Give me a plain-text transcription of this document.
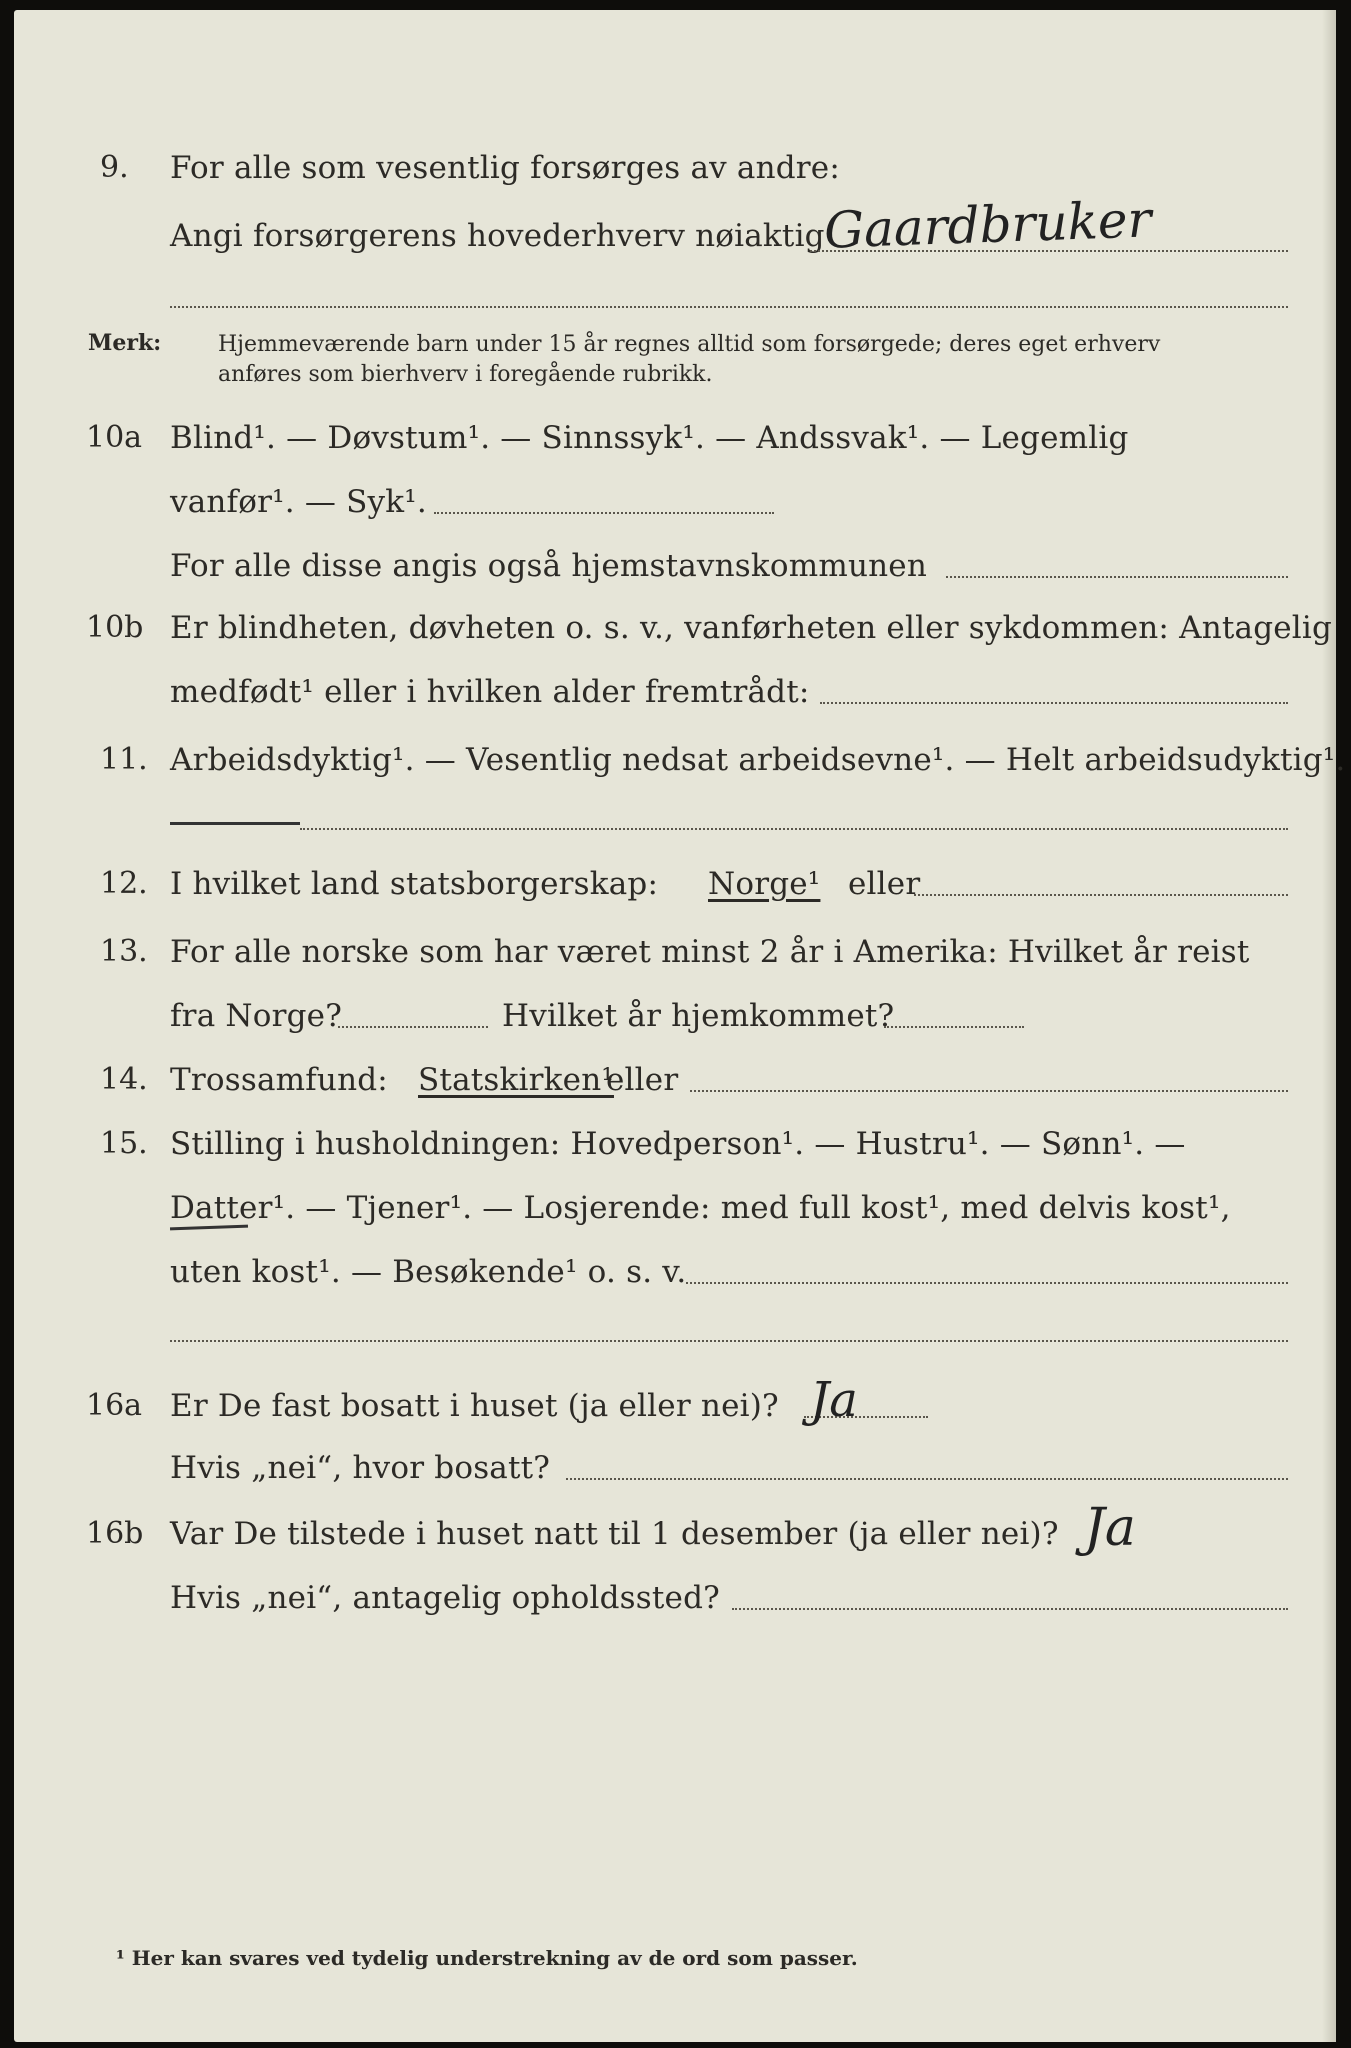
9. For alle som vesentlig forsørges av andre:
Angi forsørgerens hovederhverv nøiaktig
Gaardbruker
Merk:	Hjemmeværende barn under 15 år regnes alltid som forsørgede; deres eget erhverv
anføres som bierhverv i foregående rubrikk.
10a Blind¹. — Døvstum¹. — Sinnssyk¹. — Andssvak¹. — Legemlig
vanfør¹. — Syk¹.
For alle disse angis også hjemstavnskommunen
10b Er blindheten, døvheten o. s. v., vanførheten eller sykdommen: Antagelig
medfødt¹ eller i hvilken alder fremtrådt:
11. Arbeidsdyktig¹. — Vesentlig nedsat arbeidsevne¹. — Helt arbeidsudyktig¹.
12. I hvilket land statsborgerskap: Norge¹ eller
13. For alle norske som har været minst 2 år i Amerika: Hvilket år reist
fra Norge?	Hvilket år hjemkommet?
14. Trossamfund: Statskirken¹
eller
15. Stilling i husholdningen: Hovedperson¹. — Hustru¹. — Sønn¹. —
Datter¹. — Tjener¹. — Losjerende: med full kost¹, med delvis kost¹,
uten kost¹. — Besøkende¹ o. s. v.
16a Er De fast bosatt i huset (ja eller nei)? Ja
Hvis „nei“, hvor bosatt?
16b Var De tilstede i huset natt til 1 desember (ja eller nei)? Ja
Hvis „nei“, antagelig opholdssted?
¹ Her kan svares ved tydelig understrekning av de ord som passer.
